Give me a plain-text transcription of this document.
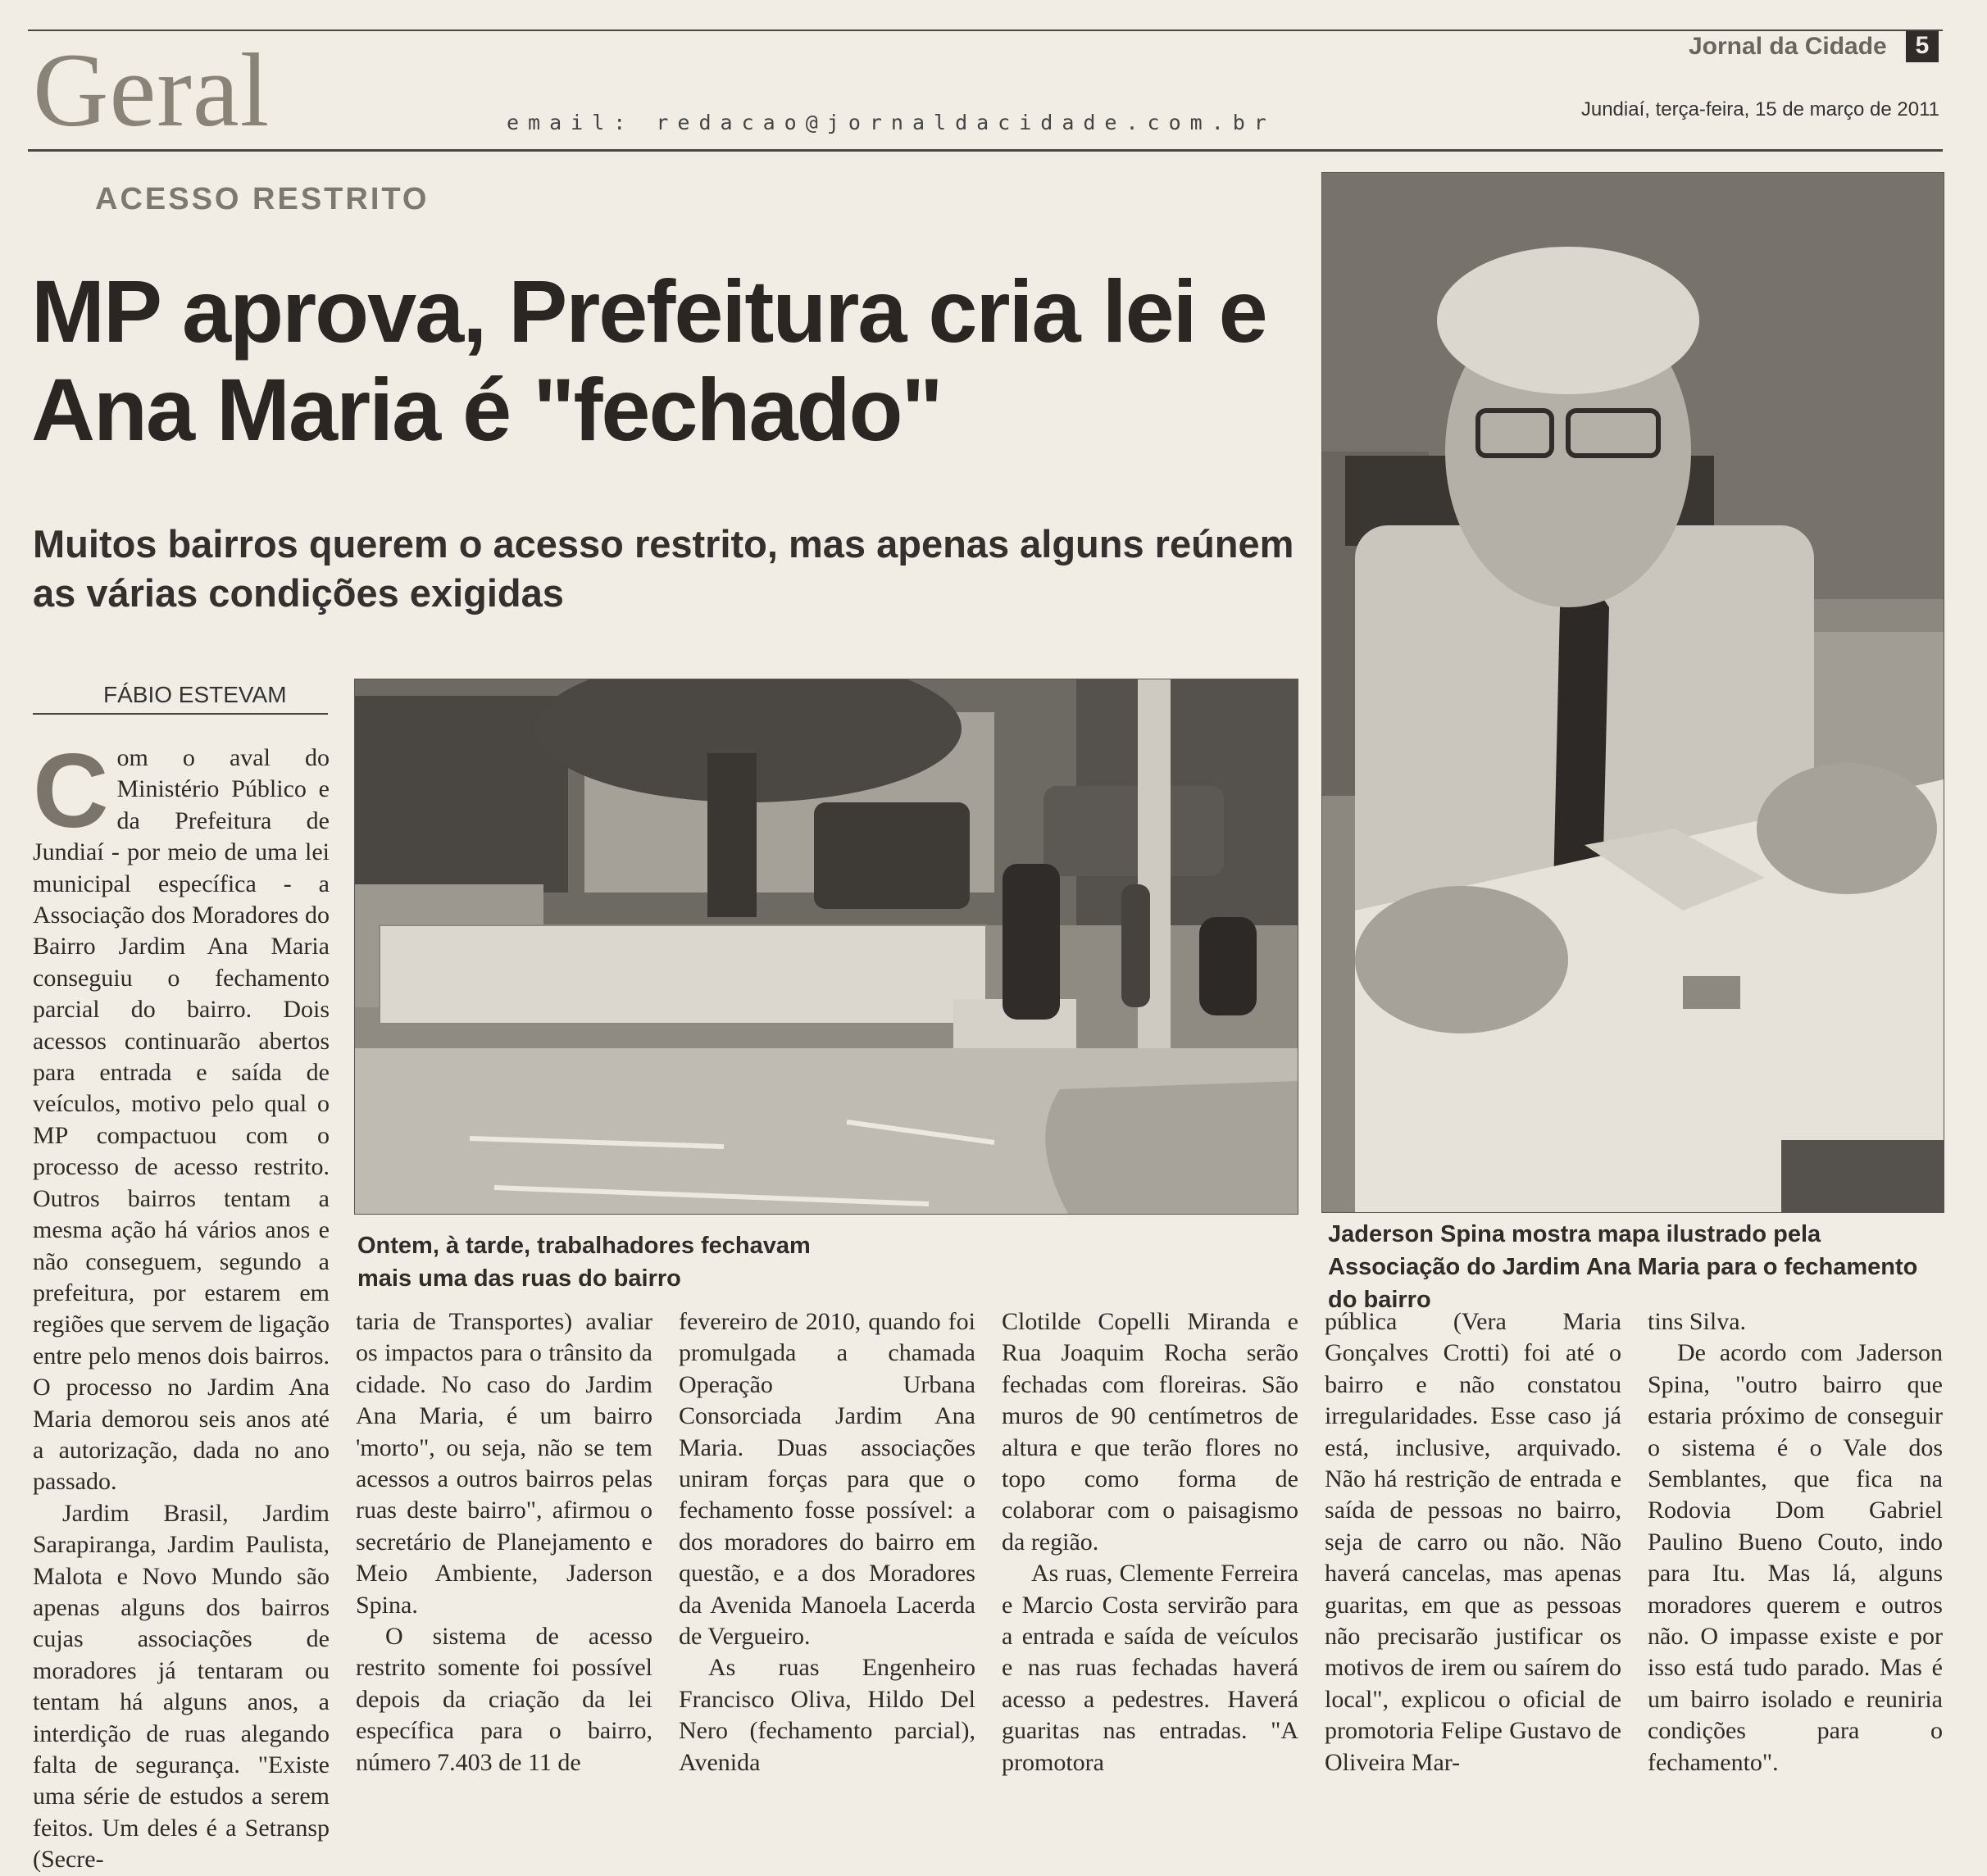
Geral	email: redacao@jornaldacidade.com.br
Jornal da Cidade	5
Jundiaí, terça-feira, 15 de março de 2011
ACESSO RESTRITO
MP aprova, Prefeitura cria lei e Ana Maria é "fechado"
Muitos bairros querem o acesso restrito, mas apenas alguns reúnem as várias condições exigidas
FÁBIO ESTEVAM
Ontem, à tarde, trabalhadores fechavam mais uma das ruas do bairro
Jaderson Spina mostra mapa ilustrado pela Associação do Jardim Ana Maria para o fechamento do bairro

Com o aval do Ministério Público e da Prefeitura de Jundiaí - por meio de uma lei municipal específica - a Associação dos Moradores do Bairro Jardim Ana Maria conseguiu o fechamento parcial do bairro. Dois acessos continuarão abertos para entrada e saída de veículos, motivo pelo qual o MP compactuou com o processo de acesso restrito. Outros bairros tentam a mesma ação há vários anos e não conseguem, segundo a prefeitura, por estarem em regiões que servem de ligação entre pelo menos dois bairros. O processo no Jardim Ana Maria demorou seis anos até a autorização, dada no ano passado.

Jardim Brasil, Jardim Sarapiranga, Jardim Paulista, Malota e Novo Mundo são apenas alguns dos bairros cujas associações de moradores já tentaram ou tentam há alguns anos, a interdição de ruas alegando falta de segurança. "Existe uma série de estudos a serem feitos. Um deles é a Setransp (Secre-

taria de Transportes) avaliar os impactos para o trânsito da cidade. No caso do Jardim Ana Maria, é um bairro 'morto", ou seja, não se tem acessos a outros bairros pelas ruas deste bairro", afirmou o secretário de Planejamento e Meio Ambiente, Jaderson Spina.

O sistema de acesso restrito somente foi possível depois da criação da lei específica para o bairro, número 7.403 de 11 de

fevereiro de 2010, quando foi promulgada a chamada Operação Urbana Consorciada Jardim Ana Maria. Duas associações uniram forças para que o fechamento fosse possível: a dos moradores do bairro em questão, e a dos Moradores da Avenida Manoela Lacerda de Vergueiro.

As ruas Engenheiro Francisco Oliva, Hildo Del Nero (fechamento parcial), Avenida

Clotilde Copelli Miranda e Rua Joaquim Rocha serão fechadas com floreiras. São muros de 90 centímetros de altura e que terão flores no topo como forma de colaborar com o paisagismo da região.

As ruas, Clemente Ferreira e Marcio Costa servirão para a entrada e saída de veículos e nas ruas fechadas haverá acesso a pedestres. Haverá guaritas nas entradas. "A promotora

pública (Vera Maria Gonçalves Crotti) foi até o bairro e não constatou irregularidades. Esse caso já está, inclusive, arquivado. Não há restrição de entrada e saída de pessoas no bairro, seja de carro ou não. Não haverá cancelas, mas apenas guaritas, em que as pessoas não precisarão justificar os motivos de irem ou saírem do local", explicou o oficial de promotoria Felipe Gustavo de Oliveira Mar-

tins Silva.

De acordo com Jaderson Spina, "outro bairro que estaria próximo de conseguir o sistema é o Vale dos Semblantes, que fica na Rodovia Dom Gabriel Paulino Bueno Couto, indo para Itu. Mas lá, alguns moradores querem e outros não. O impasse existe e por isso está tudo parado. Mas é um bairro isolado e reuniria condições para o fechamento".
